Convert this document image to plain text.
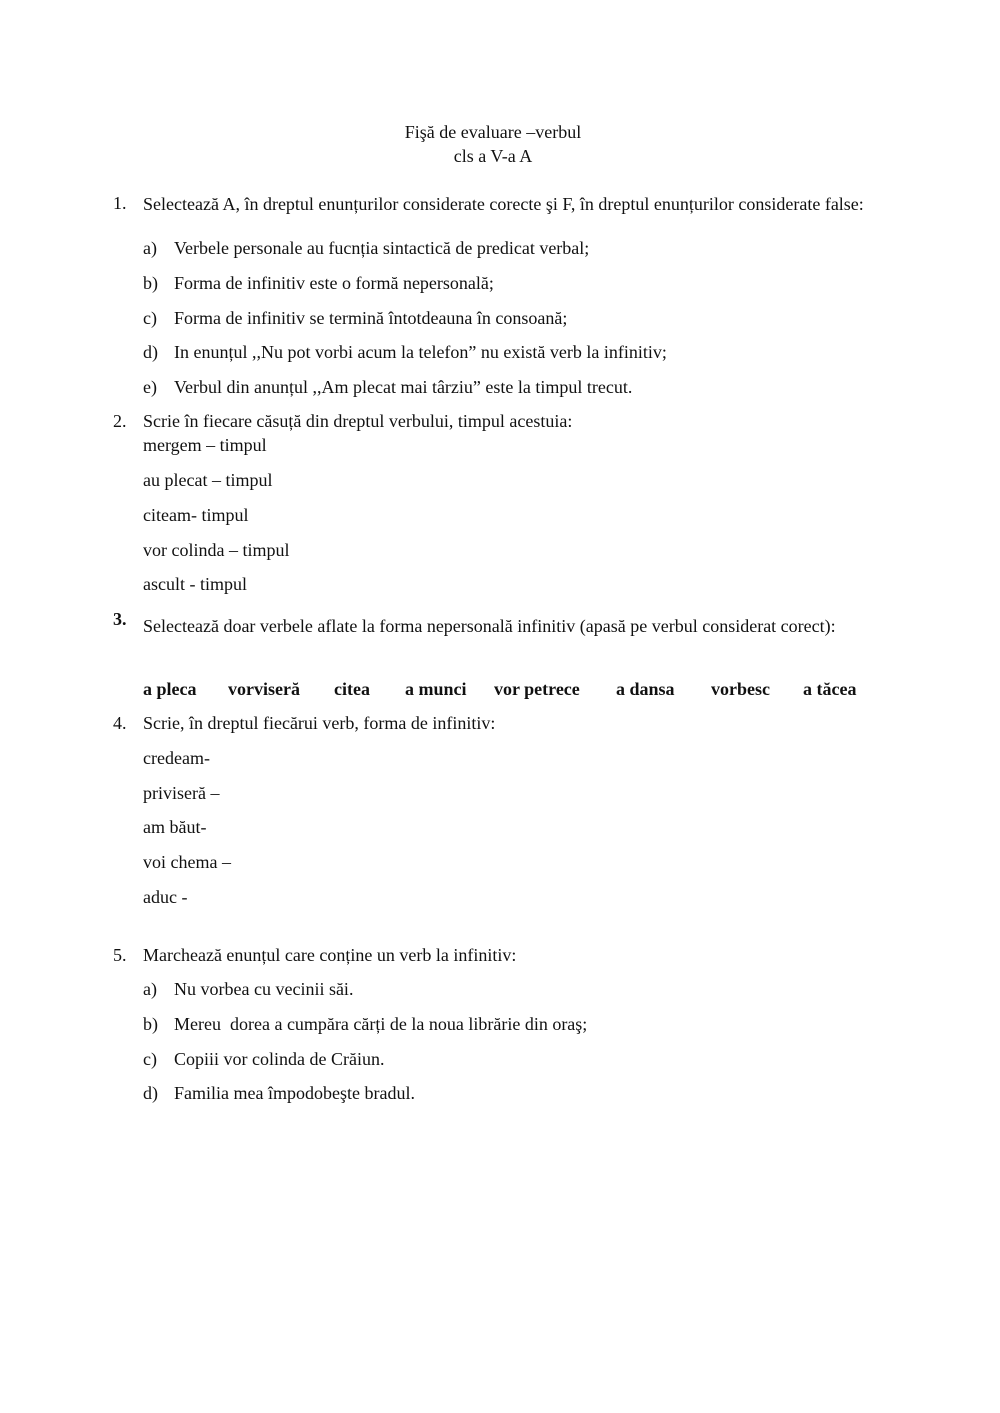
Fişă de evaluare –verbul
cls a V-a A
1. Selectează A, în dreptul enunțurilor considerate corecte şi F, în dreptul enunțurilor considerate false:
a) Verbele personale au fucnția sintactică de predicat verbal;
b) Forma de infinitiv este o formă nepersonală;
c) Forma de infinitiv se termină întotdeauna în consoană;
d) In enunțul ,,Nu pot vorbi acum la telefon” nu există verb la infinitiv;
e) Verbul din anunțul ,,Am plecat mai târziu” este la timpul trecut.
2. Scrie în fiecare căsuță din dreptul verbului, timpul acestuia:
mergem – timpul
au plecat – timpul
citeam- timpul
vor colinda – timpul
ascult - timpul
3. Selectează doar verbele aflate la forma nepersonală infinitiv (apasă pe verbul considerat corect):
a pleca vorviseră citea a munci vor petrece a dansa vorbesc a tăcea
4. Scrie, în dreptul fiecărui verb, forma de infinitiv:
credeam-
priviseră –
am băut-
voi chema –
aduc -
5. Marchează enunțul care conține un verb la infinitiv:
a) Nu vorbea cu vecinii săi.
b) Mereu  dorea a cumpăra cărți de la noua librărie din oraş;
c) Copiii vor colinda de Crăiun.
d) Familia mea împodobeşte bradul.
